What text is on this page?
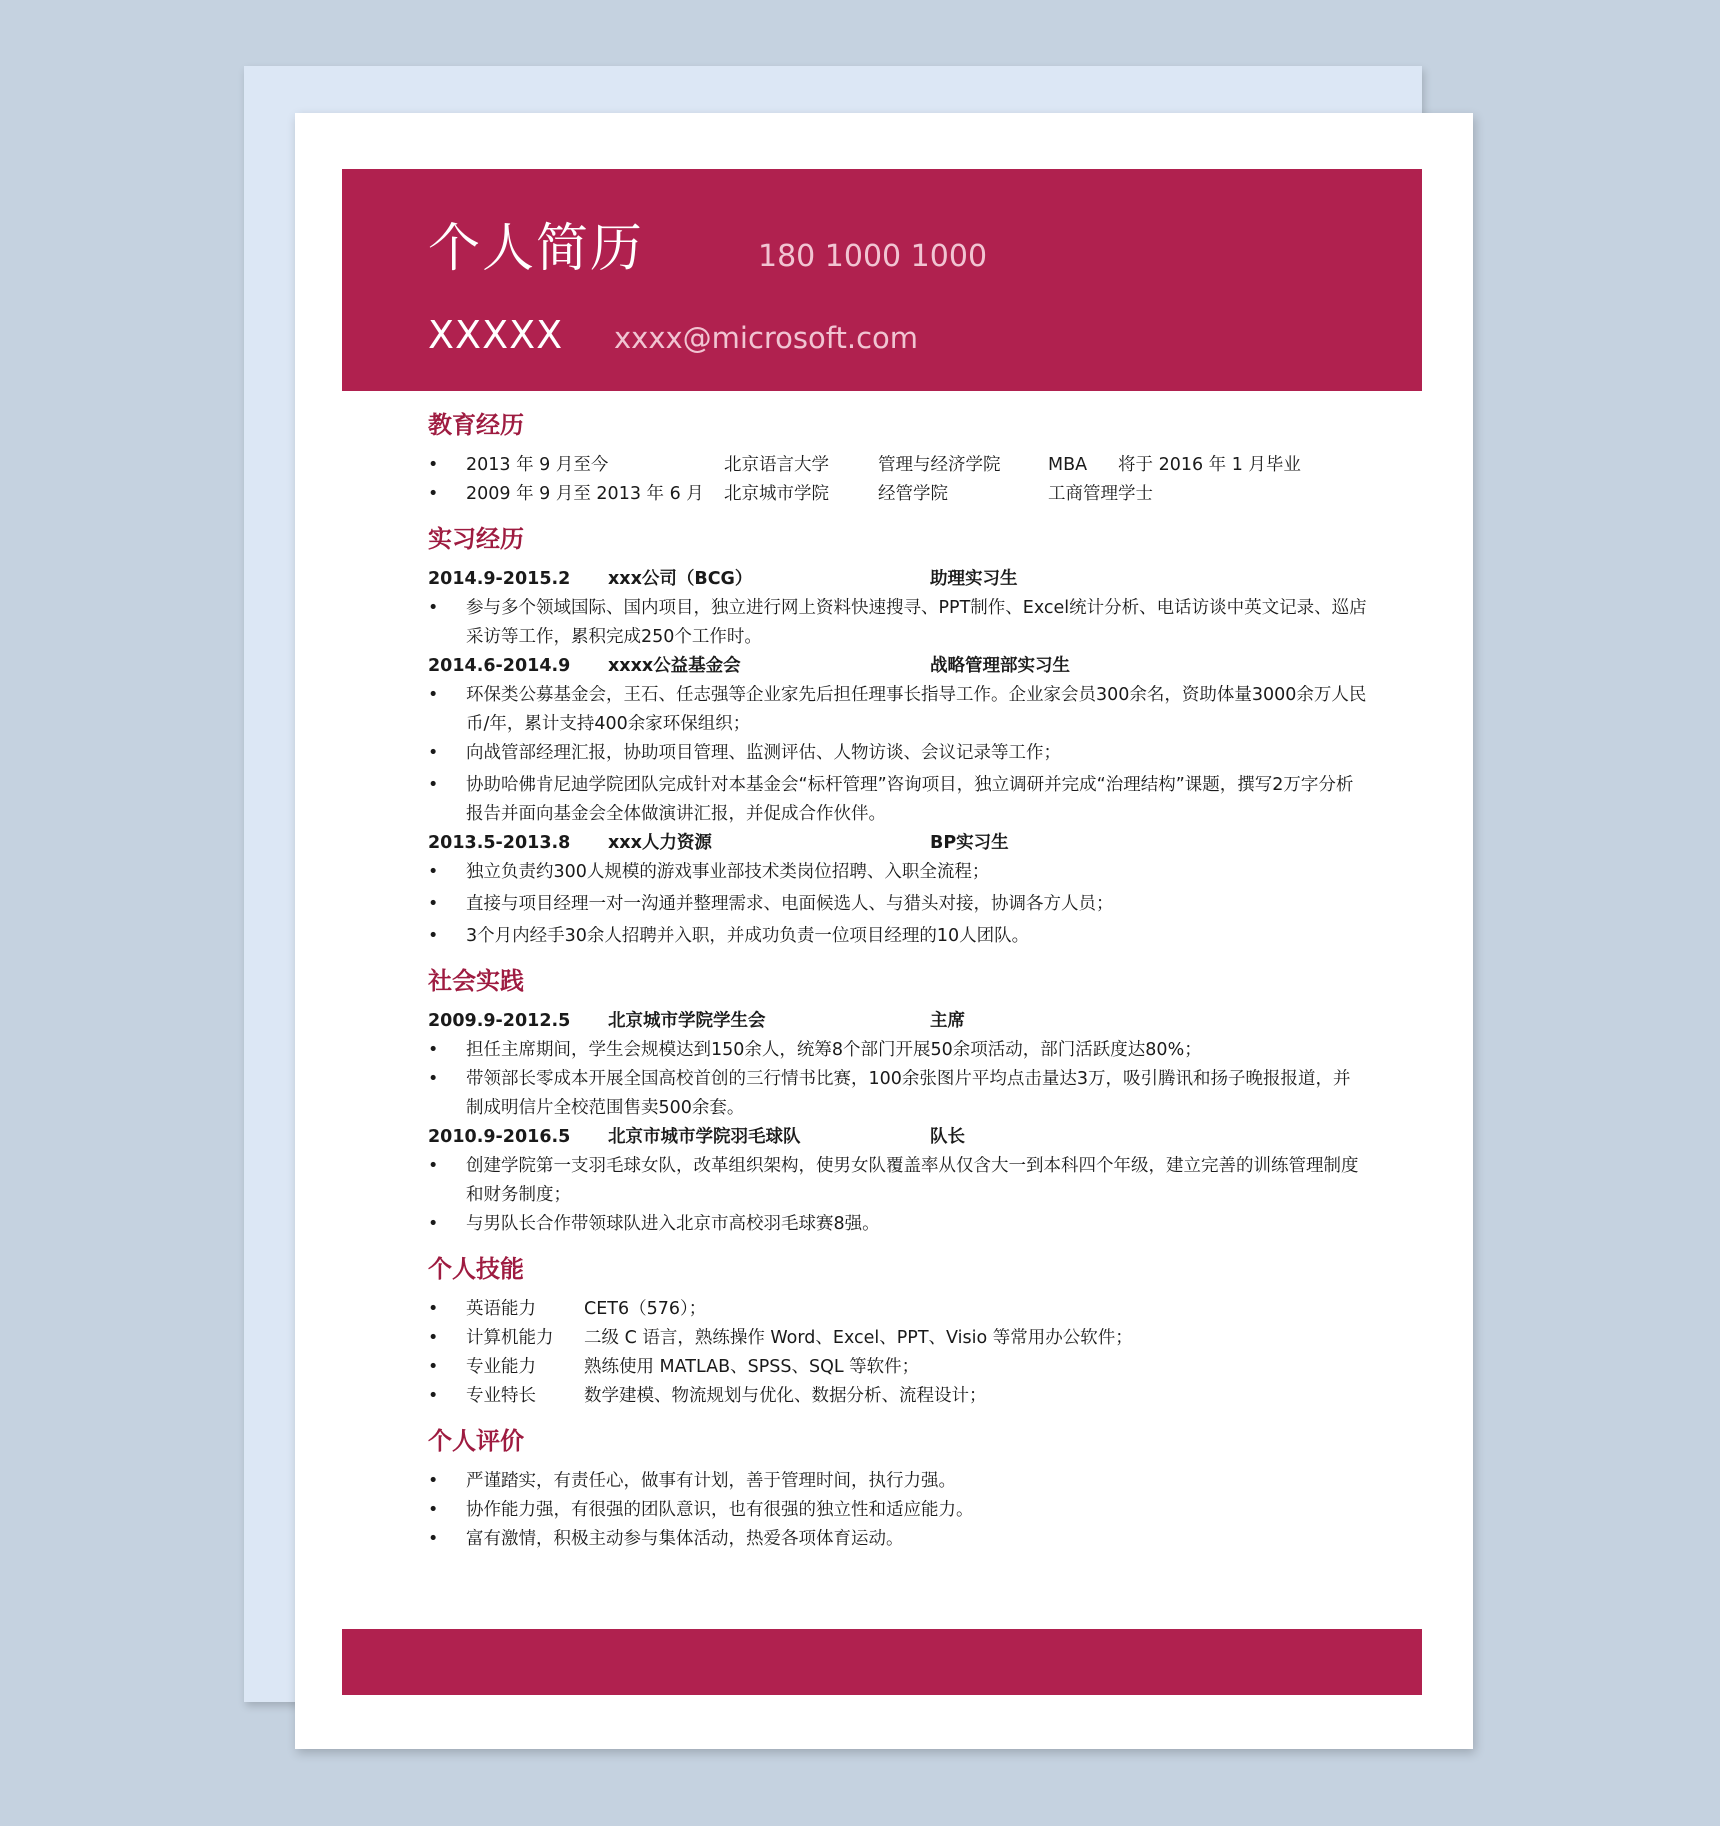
个人简历	180 1000 1000
XXXXX xxxx@microsoft.com
教育经历
• 2013 年 9 月至今	北京语言大学	管理与经济学院	MBA 将于 2016 年 1 月毕业
• 2009 年 9 月至 2013 年 6 月 北京城市学院	经管学院	工商管理学士
实习经历
2014.9-2015.2 xxx公司（BCG）	助理实习生
• 参与多个领域国际、国内项目，独立进行网上资料快速搜寻、PPT制作、Excel统计分析、电话访谈中英文记录、巡店采访等工作，累积完成250个工作时。
2014.6-2014.9 xxxx公益基金会	战略管理部实习生
• 环保类公募基金会，王石、任志强等企业家先后担任理事长指导工作。企业家会员300余名，资助体量3000余万人民币/年，累计支持400余家环保组织；
• 向战管部经理汇报，协助项目管理、监测评估、人物访谈、会议记录等工作；
• 协助哈佛肯尼迪学院团队完成针对本基金会“标杆管理”咨询项目，独立调研并完成“治理结构”课题，撰写2万字分析报告并面向基金会全体做演讲汇报，并促成合作伙伴。
2013.5-2013.8 xxx人力资源	BP实习生
• 独立负责约300人规模的游戏事业部技术类岗位招聘、入职全流程；
• 直接与项目经理一对一沟通并整理需求、电面候选人、与猎头对接，协调各方人员；
• 3个月内经手30余人招聘并入职，并成功负责一位项目经理的10人团队。
社会实践
2009.9-2012.5 北京城市学院学生会	主席
• 担任主席期间，学生会规模达到150余人，统筹8个部门开展50余项活动，部门活跃度达80%；
• 带领部长零成本开展全国高校首创的三行情书比赛，100余张图片平均点击量达3万，吸引腾讯和扬子晚报报道，并制成明信片全校范围售卖500余套。
2010.9-2016.5 北京市城市学院羽毛球队	队长
• 创建学院第一支羽毛球女队，改革组织架构，使男女队覆盖率从仅含大一到本科四个年级，建立完善的训练管理制度和财务制度；
• 与男队长合作带领球队进入北京市高校羽毛球赛8强。
个人技能
• 英语能力	CET6（576）；
• 计算机能力 二级 C 语言，熟练操作 Word、Excel、PPT、Visio 等常用办公软件；
• 专业能力	熟练使用 MATLAB、SPSS、SQL 等软件；
• 专业特长	数学建模、物流规划与优化、数据分析、流程设计；
个人评价
• 严谨踏实，有责任心，做事有计划，善于管理时间，执行力强。
• 协作能力强，有很强的团队意识，也有很强的独立性和适应能力。
• 富有激情，积极主动参与集体活动，热爱各项体育运动。
